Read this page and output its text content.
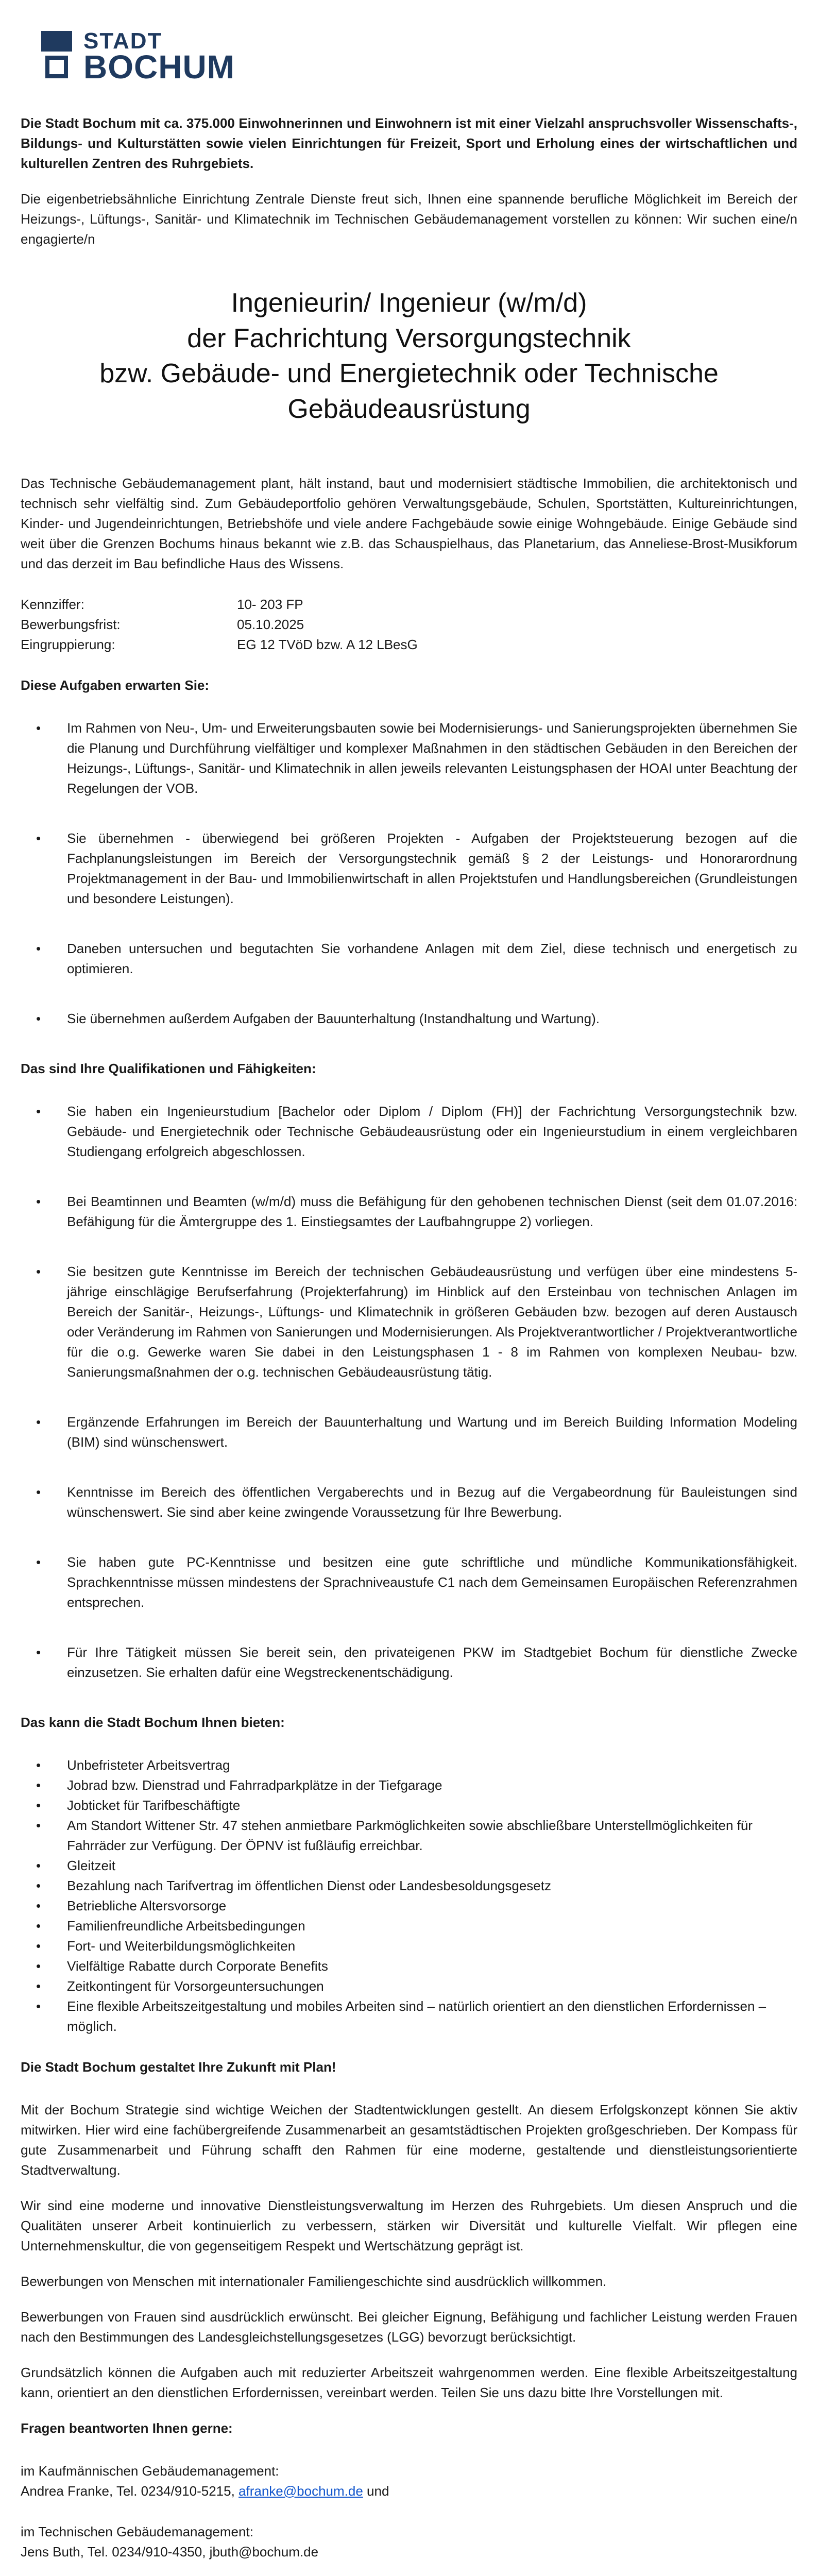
STADT
BOCHUM

Die Stadt Bochum mit ca. 375.000 Einwohnerinnen und Einwohnern ist mit einer Vielzahl anspruchsvoller Wissenschafts-, Bildungs- und Kulturstätten sowie vielen Einrichtungen für Freizeit, Sport und Erholung eines der wirtschaftlichen und kulturellen Zentren des Ruhrgebiets.

Die eigenbetriebsähnliche Einrichtung Zentrale Dienste freut sich, Ihnen eine spannende berufliche Möglichkeit im Bereich der Heizungs-, Lüftungs-, Sanitär- und Klimatechnik im Technischen Gebäudemanagement vorstellen zu können: Wir suchen eine/n engagierte/n

Ingenieurin/ Ingenieur (w/m/d)
der Fachrichtung Versorgungstechnik
bzw. Gebäude- und Energietechnik oder Technische
Gebäudeausrüstung

Das Technische Gebäudemanagement plant, hält instand, baut und modernisiert städtische Immobilien, die architektonisch und technisch sehr vielfältig sind. Zum Gebäudeportfolio gehören Verwaltungsgebäude, Schulen, Sportstätten, Kultureinrichtungen, Kinder- und Jugendeinrichtungen, Betriebshöfe und viele andere Fachgebäude sowie einige Wohngebäude. Einige Gebäude sind weit über die Grenzen Bochums hinaus bekannt wie z.B. das Schauspielhaus, das Planetarium, das Anneliese-Brost-Musikforum und das derzeit im Bau befindliche Haus des Wissens.

Kennziffer:	10- 203 FP
Bewerbungsfrist:	05.10.2025
Eingruppierung:	EG 12 TVöD bzw. A 12 LBesG
Diese Aufgaben erwarten Sie:
• Im Rahmen von Neu-, Um- und Erweiterungsbauten sowie bei Modernisierungs- und Sanierungsprojekten übernehmen Sie die Planung und Durchführung vielfältiger und komplexer Maßnahmen in den städtischen Gebäuden in den Bereichen der Heizungs-, Lüftungs-, Sanitär- und Klimatechnik in allen jeweils relevanten Leistungsphasen der HOAI unter Beachtung der Regelungen der VOB.
• Sie übernehmen - überwiegend bei größeren Projekten - Aufgaben der Projektsteuerung bezogen auf die Fachplanungsleistungen im Bereich der Versorgungstechnik gemäß § 2 der Leistungs- und Honorarordnung Projektmanagement in der Bau- und Immobilienwirtschaft in allen Projektstufen und Handlungsbereichen (Grundleistungen und besondere Leistungen).
• Daneben untersuchen und begutachten Sie vorhandene Anlagen mit dem Ziel, diese technisch und energetisch zu optimieren.
• Sie übernehmen außerdem Aufgaben der Bauunterhaltung (Instandhaltung und Wartung).
Das sind Ihre Qualifikationen und Fähigkeiten:
• Sie haben ein Ingenieurstudium [Bachelor oder Diplom / Diplom (FH)] der Fachrichtung Versorgungstechnik bzw. Gebäude- und Energietechnik oder Technische Gebäudeausrüstung oder ein Ingenieurstudium in einem vergleichbaren Studiengang erfolgreich abgeschlossen.
• Bei Beamtinnen und Beamten (w/m/d) muss die Befähigung für den gehobenen technischen Dienst (seit dem 01.07.2016: Befähigung für die Ämtergruppe des 1. Einstiegsamtes der Laufbahngruppe 2) vorliegen.
• Sie besitzen gute Kenntnisse im Bereich der technischen Gebäudeausrüstung und verfügen über eine mindestens 5-jährige einschlägige Berufserfahrung (Projekterfahrung) im Hinblick auf den Ersteinbau von technischen Anlagen im Bereich der Sanitär-, Heizungs-, Lüftungs- und Klimatechnik in größeren Gebäuden bzw. bezogen auf deren Austausch oder Veränderung im Rahmen von Sanierungen und Modernisierungen. Als Projektverantwortlicher / Projektverantwortliche für die o.g. Gewerke waren Sie dabei in den Leistungsphasen 1 - 8 im Rahmen von komplexen Neubau- bzw. Sanierungsmaßnahmen der o.g. technischen Gebäudeausrüstung tätig.
• Ergänzende Erfahrungen im Bereich der Bauunterhaltung und Wartung und im Bereich Building Information Modeling (BIM) sind wünschenswert.
• Kenntnisse im Bereich des öffentlichen Vergaberechts und in Bezug auf die Vergabeordnung für Bauleistungen sind wünschenswert. Sie sind aber keine zwingende Voraussetzung für Ihre Bewerbung.
• Sie haben gute PC-Kenntnisse und besitzen eine gute schriftliche und mündliche Kommunikationsfähigkeit. Sprachkenntnisse müssen mindestens der Sprachniveaustufe C1 nach dem Gemeinsamen Europäischen Referenzrahmen entsprechen.
• Für Ihre Tätigkeit müssen Sie bereit sein, den privateigenen PKW im Stadtgebiet Bochum für dienstliche Zwecke einzusetzen. Sie erhalten dafür eine Wegstreckenentschädigung.
Das kann die Stadt Bochum Ihnen bieten:
• Unbefristeter Arbeitsvertrag
• Jobrad bzw. Dienstrad und Fahrradparkplätze in der Tiefgarage
• Jobticket für Tarifbeschäftigte
• Am Standort Wittener Str. 47 stehen anmietbare Parkmöglichkeiten sowie abschließbare Unterstellmöglichkeiten für Fahrräder zur Verfügung. Der ÖPNV ist fußläufig erreichbar.
• Gleitzeit
• Bezahlung nach Tarifvertrag im öffentlichen Dienst oder Landesbesoldungsgesetz
• Betriebliche Altersvorsorge
• Familienfreundliche Arbeitsbedingungen
• Fort- und Weiterbildungsmöglichkeiten
• Vielfältige Rabatte durch Corporate Benefits
• Zeitkontingent für Vorsorgeuntersuchungen
• Eine flexible Arbeitszeitgestaltung und mobiles Arbeiten sind – natürlich orientiert an den dienstlichen Erfordernissen – möglich.
Die Stadt Bochum gestaltet Ihre Zukunft mit Plan!

Mit der Bochum Strategie sind wichtige Weichen der Stadtentwicklungen gestellt. An diesem Erfolgskonzept können Sie aktiv mitwirken. Hier wird eine fachübergreifende Zusammenarbeit an gesamtstädtischen Projekten großgeschrieben. Der Kompass für gute Zusammenarbeit und Führung schafft den Rahmen für eine moderne, gestaltende und dienstleistungsorientierte Stadtverwaltung.

Wir sind eine moderne und innovative Dienstleistungsverwaltung im Herzen des Ruhrgebiets. Um diesen Anspruch und die Qualitäten unserer Arbeit kontinuierlich zu verbessern, stärken wir Diversität und kulturelle Vielfalt. Wir pflegen eine Unternehmenskultur, die von gegenseitigem Respekt und Wertschätzung geprägt ist.

Bewerbungen von Menschen mit internationaler Familiengeschichte sind ausdrücklich willkommen.

Bewerbungen von Frauen sind ausdrücklich erwünscht. Bei gleicher Eignung, Befähigung und fachlicher Leistung werden Frauen nach den Bestimmungen des Landesgleichstellungsgesetzes (LGG) bevorzugt berücksichtigt.

Grundsätzlich können die Aufgaben auch mit reduzierter Arbeitszeit wahrgenommen werden. Eine flexible Arbeitszeitgestaltung kann, orientiert an den dienstlichen Erfordernissen, vereinbart werden. Teilen Sie uns dazu bitte Ihre Vorstellungen mit.

Fragen beantworten Ihnen gerne:
im Kaufmännischen Gebäudemanagement:
Andrea Franke, Tel. 0234/910-5215, afranke@bochum.de und
im Technischen Gebäudemanagement:
Jens Buth, Tel. 0234/910-4350, jbuth@bochum.de
